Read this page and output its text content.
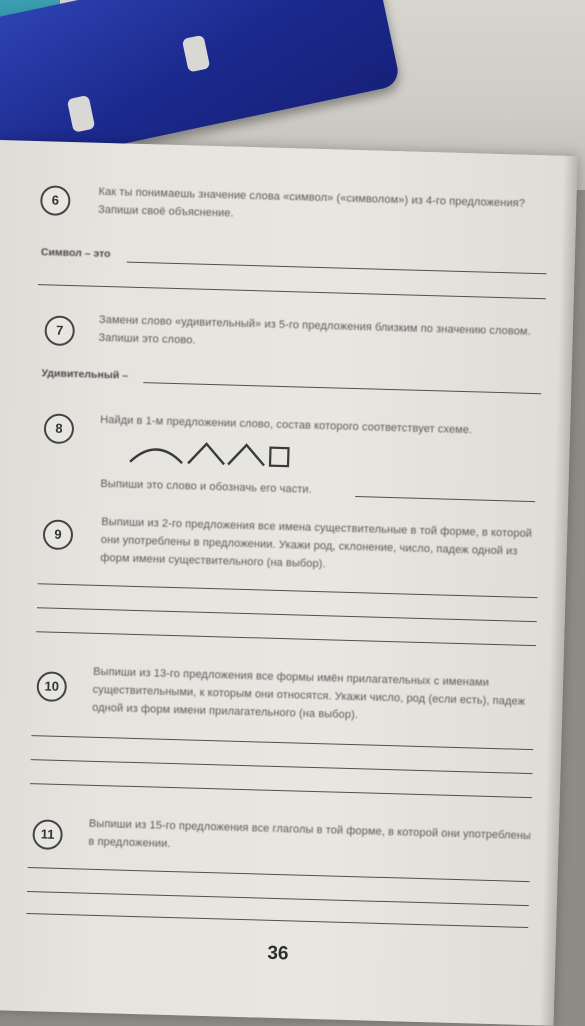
6	Как ты понимаешь значение слова «символ» («символом») из 4-го предложения? Запиши своё объяснение.
Символ – это
7	Замени слово «удивительный» из 5-го предложения близким по значению словом. Запиши это слово.
Удивительный –
8	Найди в 1-м предложении слово, состав которого соответствует схеме.
Выпиши это слово и обозначь его части.
9	Выпиши из 2-го предложения все имена существительные в той форме, в которой они употреблены в предложении. Укажи род, склонение, число, падеж одной из форм имени существительного (на выбор).
10	Выпиши из 13-го предложения все формы имён прилагательных с именами существительными, к которым они относятся. Укажи число, род (если есть), падеж одной из форм имени прилагательного (на выбор).
11	Выпиши из 15-го предложения все глаголы в той форме, в которой они употреблены в предложении.
36
